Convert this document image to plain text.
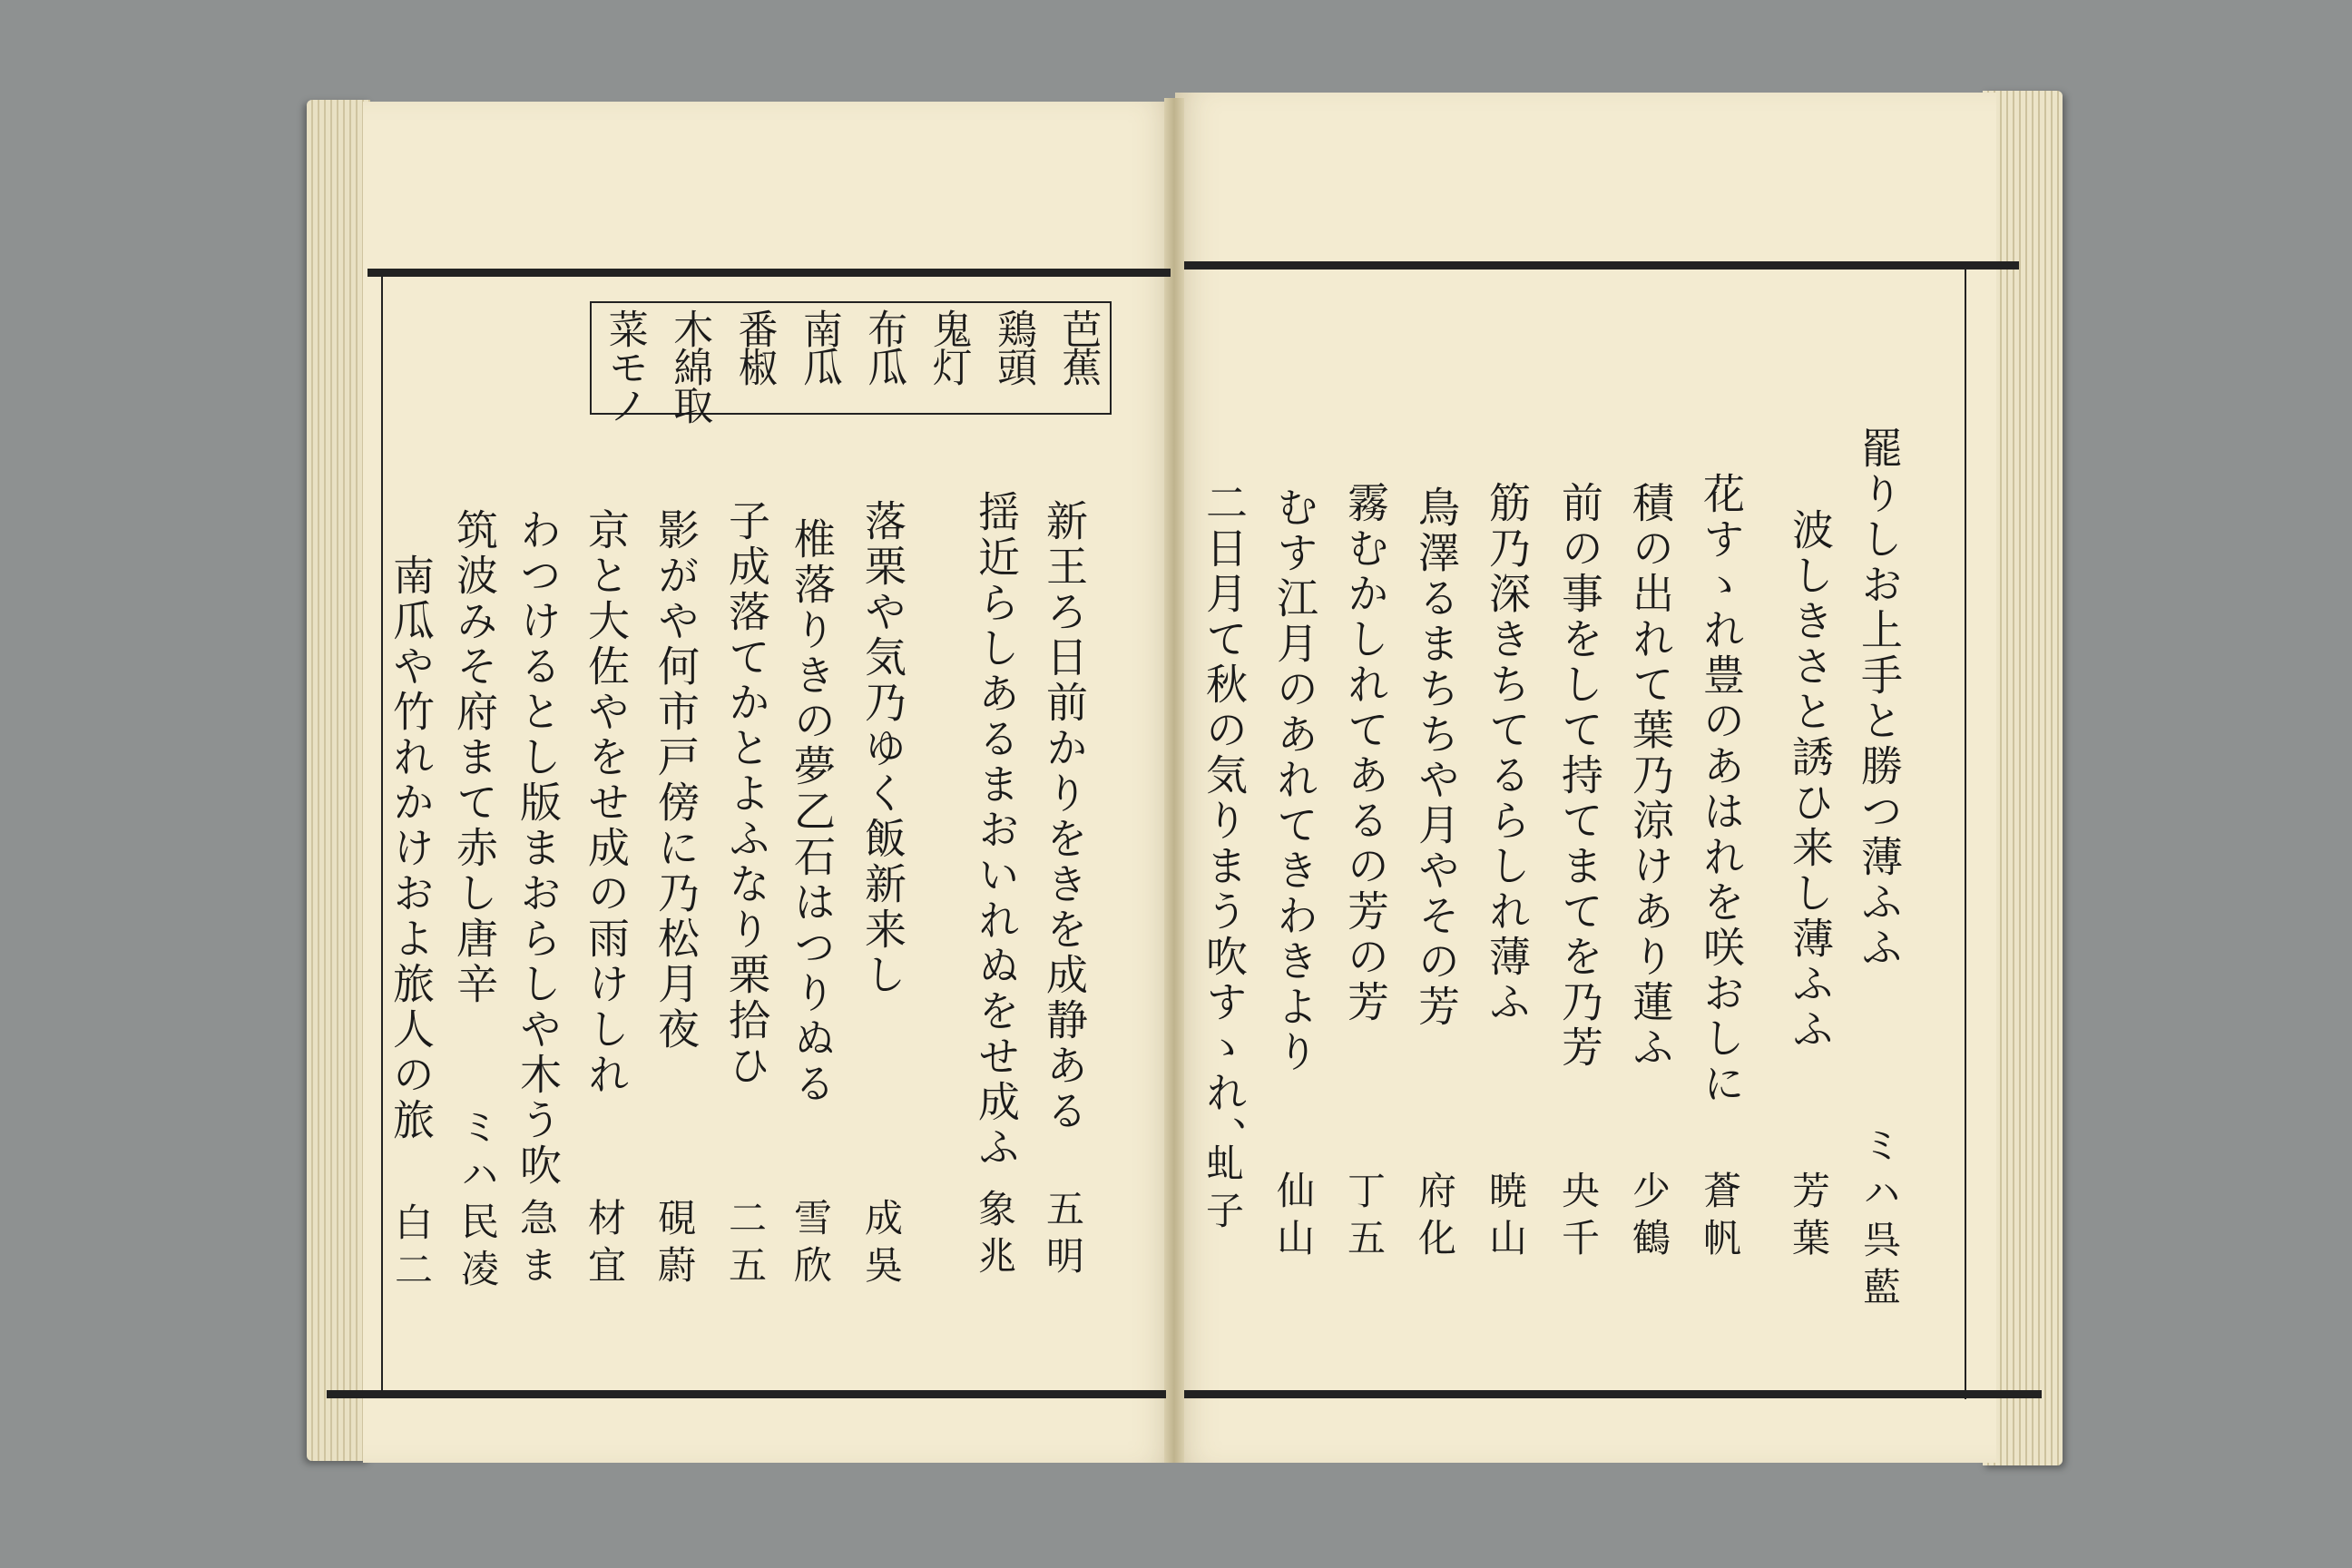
芭蕉
鶏頭
鬼灯
布瓜
南瓜
番椒
木綿取
菜モノ
罷りしお上手と勝つ薄ふふ
ミハ呉藍
波しきさと誘ひ来し薄ふふ
芳葉
花すゝれ豊のあはれを咲おしに
蒼帆
積の出れて葉乃涼けあり蓮ふ
少鶴
前の事をして持てまてを乃芳
央千
筋乃深きちてるらしれ薄ふ
暁山
鳥澤るまちちや月やその芳
府化
霧むかしれてあるの芳の芳
丁五
むす江月のあれてきわきより
仙山
二日月て秋の気りまう吹すゝれ、
虬子
新王ろ日前かりをきを成静ある
五明
揺近らしあるまおいれぬをせ成ふ
象兆
落栗や気乃ゆく飯新来し
成吳
椎落りきの夢乙石はつりぬる
雪欣
子成落てかとよふなり栗拾ひ
二五
影がや何市戸傍に乃松月夜
硯蔚
京と大佐やをせ成の雨けしれ
材宜
わつけるとし版まおらしや木う吹
急ま
筑波みそ府まて赤し唐辛
ミハ民凌
南瓜や竹れかけおよ旅人の旅
白二
